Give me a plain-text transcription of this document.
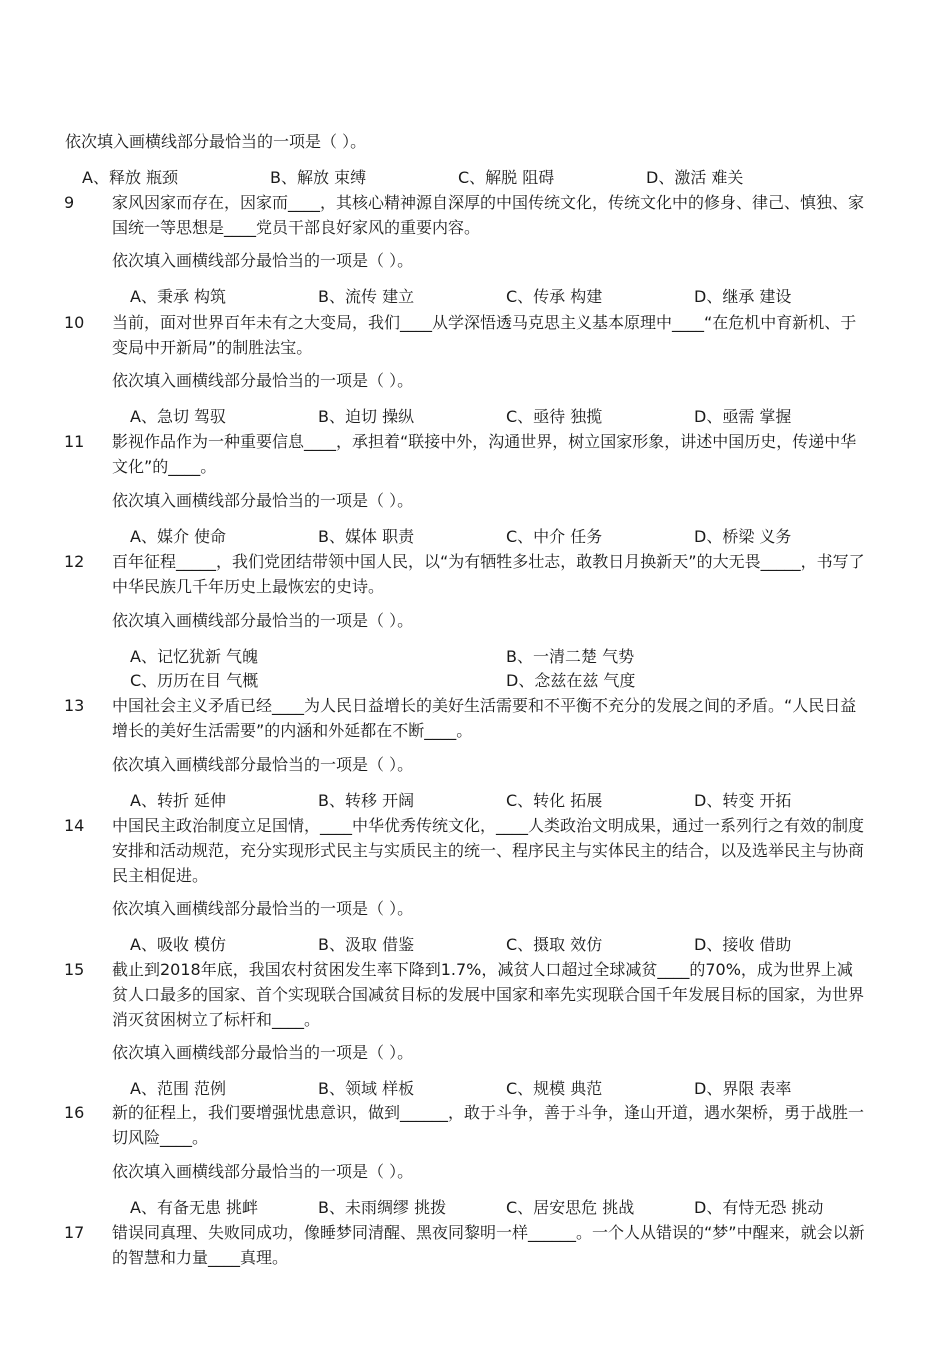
依次填入画横线部分最恰当的一项是（ ）。
A、释放 瓶颈	B、解放 束缚	C、解脱 阻碍	D、激活 难关
9 家风因家而存在，因家而____，其核心精神源自深厚的中国传统文化，传统文化中的修身、律己、慎独、家国统一等思想是____党员干部良好家风的重要内容。
依次填入画横线部分最恰当的一项是（ ）。
A、秉承 构筑	B、流传 建立	C、传承 构建	D、继承 建设
10 当前，面对世界百年未有之大变局，我们____从学深悟透马克思主义基本原理中____“在危机中育新机、于变局中开新局”的制胜法宝。
依次填入画横线部分最恰当的一项是（ ）。
A、急切 驾驭	B、迫切 操纵	C、亟待 独揽	D、亟需 掌握
11 影视作品作为一种重要信息____，承担着“联接中外，沟通世界，树立国家形象，讲述中国历史，传递中华文化”的____。
依次填入画横线部分最恰当的一项是（ ）。
A、媒介 使命	B、媒体 职责	C、中介 任务	D、桥梁 义务
12 百年征程_____，我们党团结带领中国人民，以“为有牺牲多壮志，敢教日月换新天”的大无畏_____，书写了中华民族几千年历史上最恢宏的史诗。
依次填入画横线部分最恰当的一项是（ ）。
A、记忆犹新 气魄	B、一清二楚 气势
C、历历在目 气概	D、念兹在兹 气度
13 中国社会主义矛盾已经____为人民日益增长的美好生活需要和不平衡不充分的发展之间的矛盾。“人民日益增长的美好生活需要”的内涵和外延都在不断____。
依次填入画横线部分最恰当的一项是（ ）。
A、转折 延伸	B、转移 开阔	C、转化 拓展	D、转变 开拓
14 中国民主政治制度立足国情，____中华优秀传统文化，____人类政治文明成果，通过一系列行之有效的制度安排和活动规范，充分实现形式民主与实质民主的统一、程序民主与实体民主的结合，以及选举民主与协商民主相促进。
依次填入画横线部分最恰当的一项是（ ）。
A、吸收 模仿	B、汲取 借鉴	C、摄取 效仿	D、接收 借助
15 截止到2018年底，我国农村贫困发生率下降到1.7%，减贫人口超过全球减贫____的70%，成为世界上减贫人口最多的国家、首个实现联合国减贫目标的发展中国家和率先实现联合国千年发展目标的国家，为世界消灭贫困树立了标杆和____。
依次填入画横线部分最恰当的一项是（ ）。
A、范围 范例	B、领域 样板	C、规模 典范	D、界限 表率
16 新的征程上，我们要增强忧患意识，做到______，敢于斗争，善于斗争，逢山开道，遇水架桥，勇于战胜一切风险____。
依次填入画横线部分最恰当的一项是（ ）。
A、有备无患 挑衅	B、未雨绸缪 挑拨	C、居安思危 挑战	D、有恃无恐 挑动
17 错误同真理、失败同成功，像睡梦同清醒、黑夜同黎明一样______。一个人从错误的“梦”中醒来，就会以新的智慧和力量____真理。
